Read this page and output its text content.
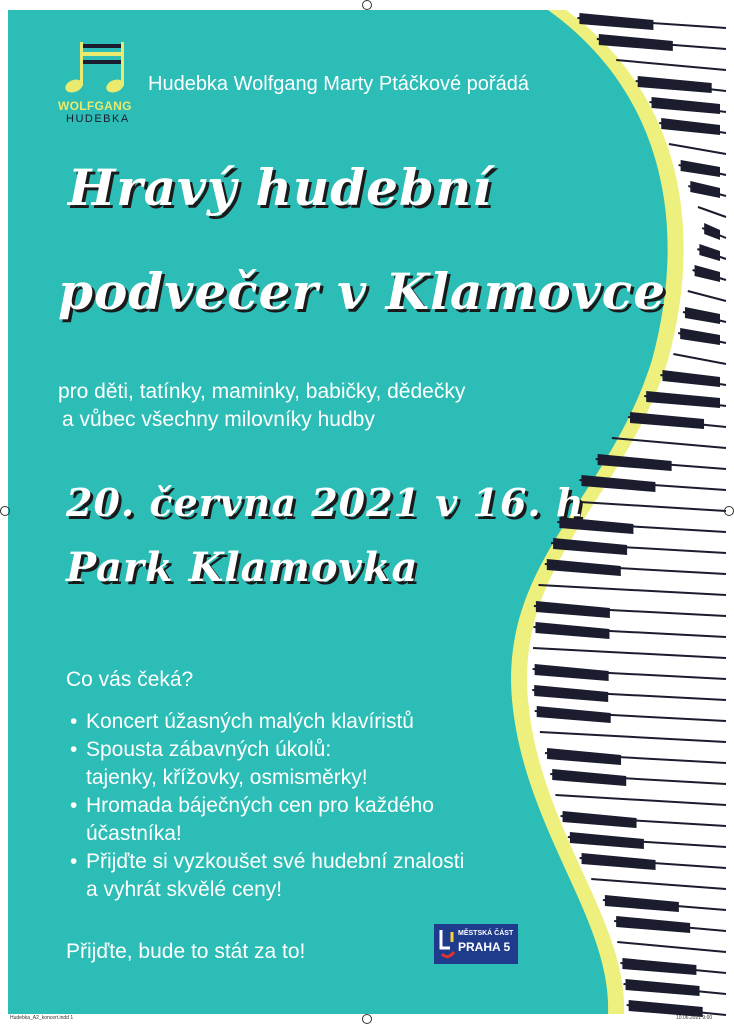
WOLFGANG
HUDEBKA
Hudebka Wolfgang Marty Ptáčkové pořádá
Hravý hudební
podvečer v Klamovce
pro děti, tatínky, maminky, babičky, dědečky
a vůbec všechny milovníky hudby
20. června 2021 v 16. h
Park Klamovka
Co vás čeká?
• Koncert úžasných malých klavíristů
• Spousta zábavných úkolů:
tajenky, křížovky, osmisměrky!
• Hromada báječných cen pro každého
účastníka!
• Přijďte si vyzkoušet své hudební znalosti
a vyhrát skvělé ceny!
Přijďte, bude to stát za to!
MĚSTSKÁ ČÁST
PRAHA 5
Hudebka_A2_koncert.indd 1	10.06.2021 9:00
